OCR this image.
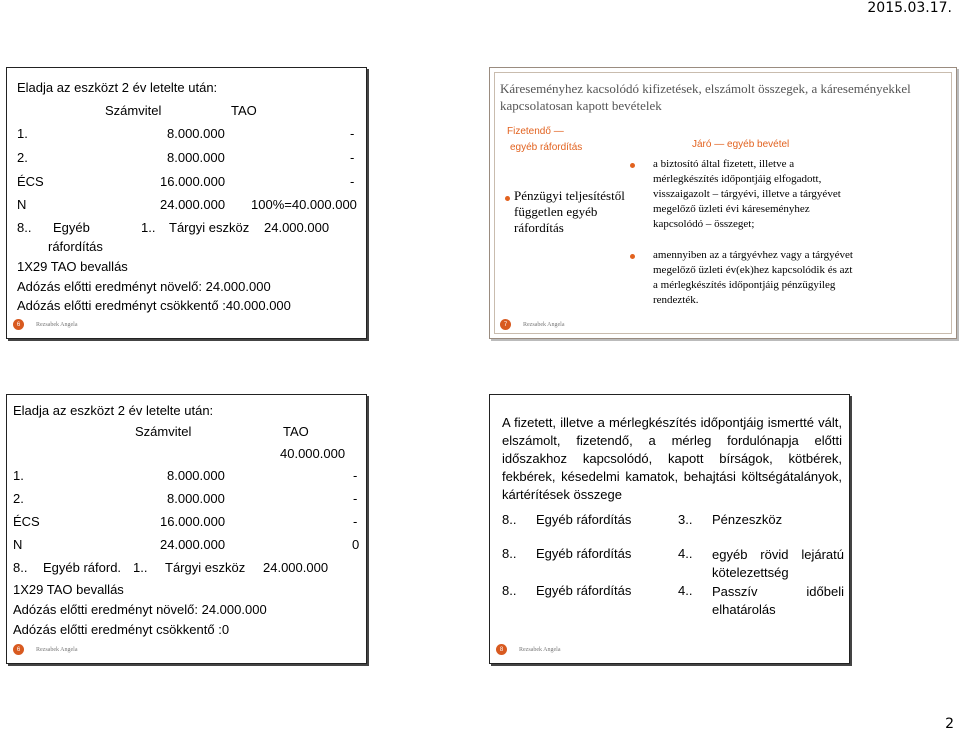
2015.03.17.
Eladja az eszközt 2 év letelte után:
Számvitel	TAO
1.	8.000.000	-
2.	8.000.000	-
ÉCS	16.000.000	-
N	24.000.000 100%=40.000.000
8.. Egyéb
ráfordítás
1.. Tárgyi eszköz 24.000.000
1X29 TAO bevallás
Adózás előtti eredményt növelő: 24.000.000
Adózás előtti eredményt csökkentő :40.000.000
6	Rezsabek Angela
Káreseményhez kacsolódó kifizetések, elszámolt összegek, a káreseményekkel kapcsolatosan kapott bevételek
Fizetendő —
egyéb ráfordítás	Járó — egyéb bevétel
Pénzügyi teljesítéstől független egyéb ráfordítás
a biztosító által fizetett, illetve a mérlegkészítés időpontjáig elfogadott, visszaigazolt – tárgyévi, illetve a tárgyévet megelőző üzleti évi káreseményhez kapcsolódó – összeget;
amennyiben az a tárgyévhez vagy a tárgyévet megelőző üzleti év(ek)hez kapcsolódik és azt a mérlegkészítés időpontjáig pénzügyileg rendezték.
7	Rezsabek Angela
Eladja az eszközt 2 év letelte után:
Számvitel	TAO
40.000.000
1.	8.000.000	-
2.	8.000.000	-
ÉCS	16.000.000	-
N	24.000.000	0
8.. Egyéb ráford. 1.. Tárgyi eszköz 24.000.000
1X29 TAO bevallás
Adózás előtti eredményt növelő: 24.000.000
Adózás előtti eredményt csökkentő :0
6	Rezsabek Angela
A fizetett, illetve a mérlegkészítés időpontjáig ismertté vált, elszámolt, fizetendő, a mérleg fordulónapja előtti időszakhoz kapcsolódó, kapott bírságok, kötbérek, fekbérek, késedelmi kamatok, behajtási költségátalányok, kártérítések összege
8.. Egyéb ráfordítás	3.. Pénzeszköz
8.. Egyéb ráfordítás	4.. egyéb rövid lejáratú kötelezettség
8.. Egyéb ráfordítás	4.. Passzív időbeli elhatárolás
8	Rezsabek Angela
2
